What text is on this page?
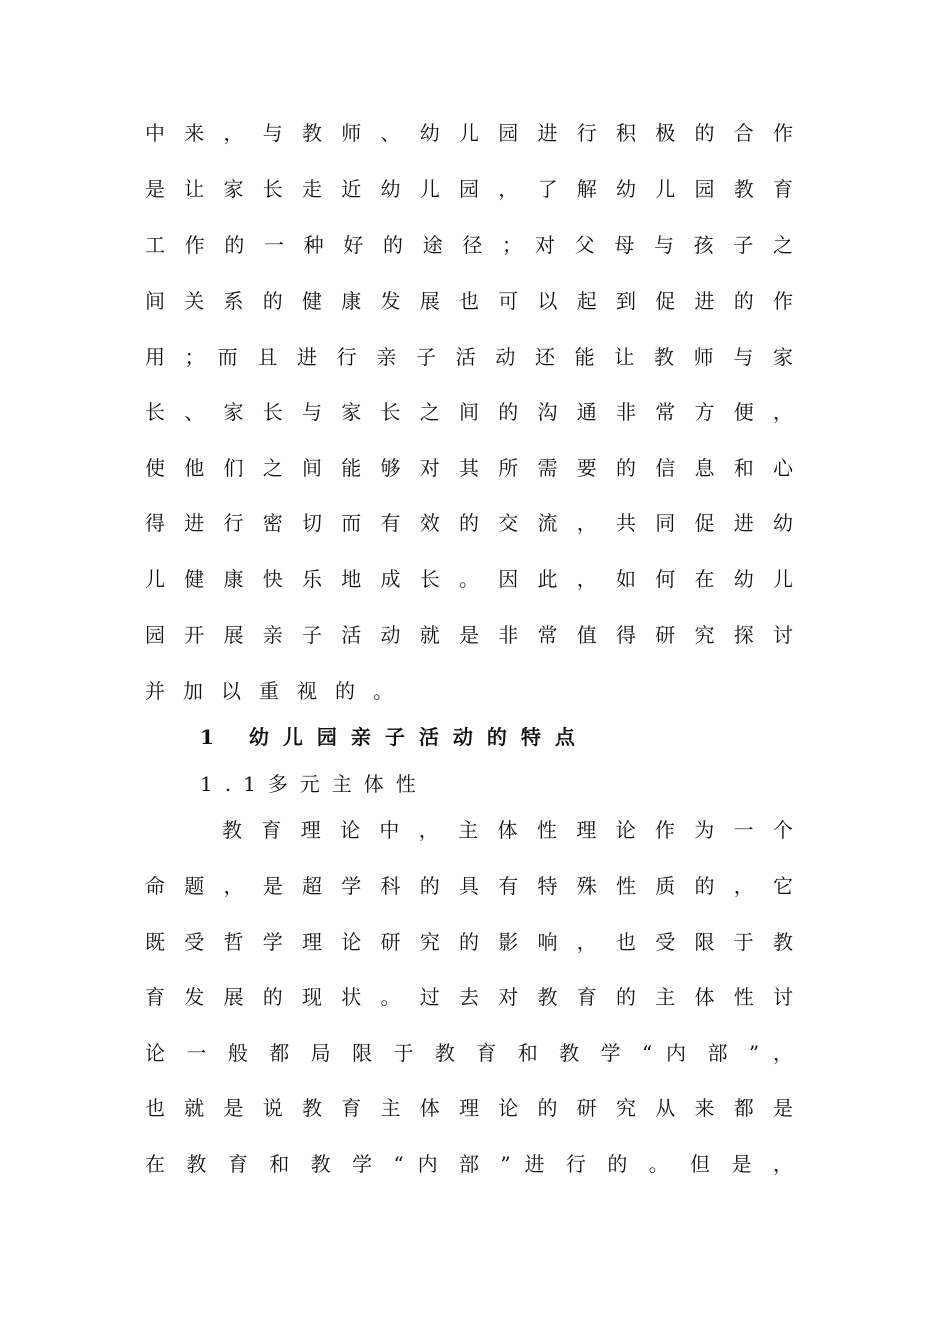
中 来 ， 与 教 师 、 幼 儿 园 进 行 积 极 的 合 作
是 让 家 长 走 近 幼 儿 园 ， 了 解 幼 儿 园 教 育
工 作 的 一 种 好 的 途 径 ； 对 父 母 与 孩 子 之
间 关 系 的 健 康 发 展 也 可 以 起 到 促 进 的 作
用 ； 而 且 进 行 亲 子 活 动 还 能 让 教 师 与 家
长 、 家 长 与 家 长 之 间 的 沟 通 非 常 方 便 ，
使 他 们 之 间 能 够 对 其 所 需 要 的 信 息 和 心
得 进 行 密 切 而 有 效 的 交 流 ， 共 同 促 进 幼
儿 健 康 快 乐 地 成 长 。 因 此 ， 如 何 在 幼 儿
园 开 展 亲 子 活 动 就 是 非 常 值 得 研 究 探 讨
并加以重视的。
1 幼儿园亲子活动的特点
1.1多元主体性
教 育 理 论 中 ， 主 体 性 理 论 作 为 一 个
命 题 ， 是 超 学 科 的 具 有 特 殊 性 质 的 ， 它
既 受 哲 学 理 论 研 究 的 影 响 ， 也 受 限 于 教
育 发 展 的 现 状 。 过 去 对 教 育 的 主 体 性 讨
论 一 般 都 局 限 于 教 育 和 教 学 “ 内 部 ” ，
也 就 是 说 教 育 主 体 理 论 的 研 究 从 来 都 是
在 教 育 和 教 学 “ 内 部 ” 进 行 的 。 但 是 ，
